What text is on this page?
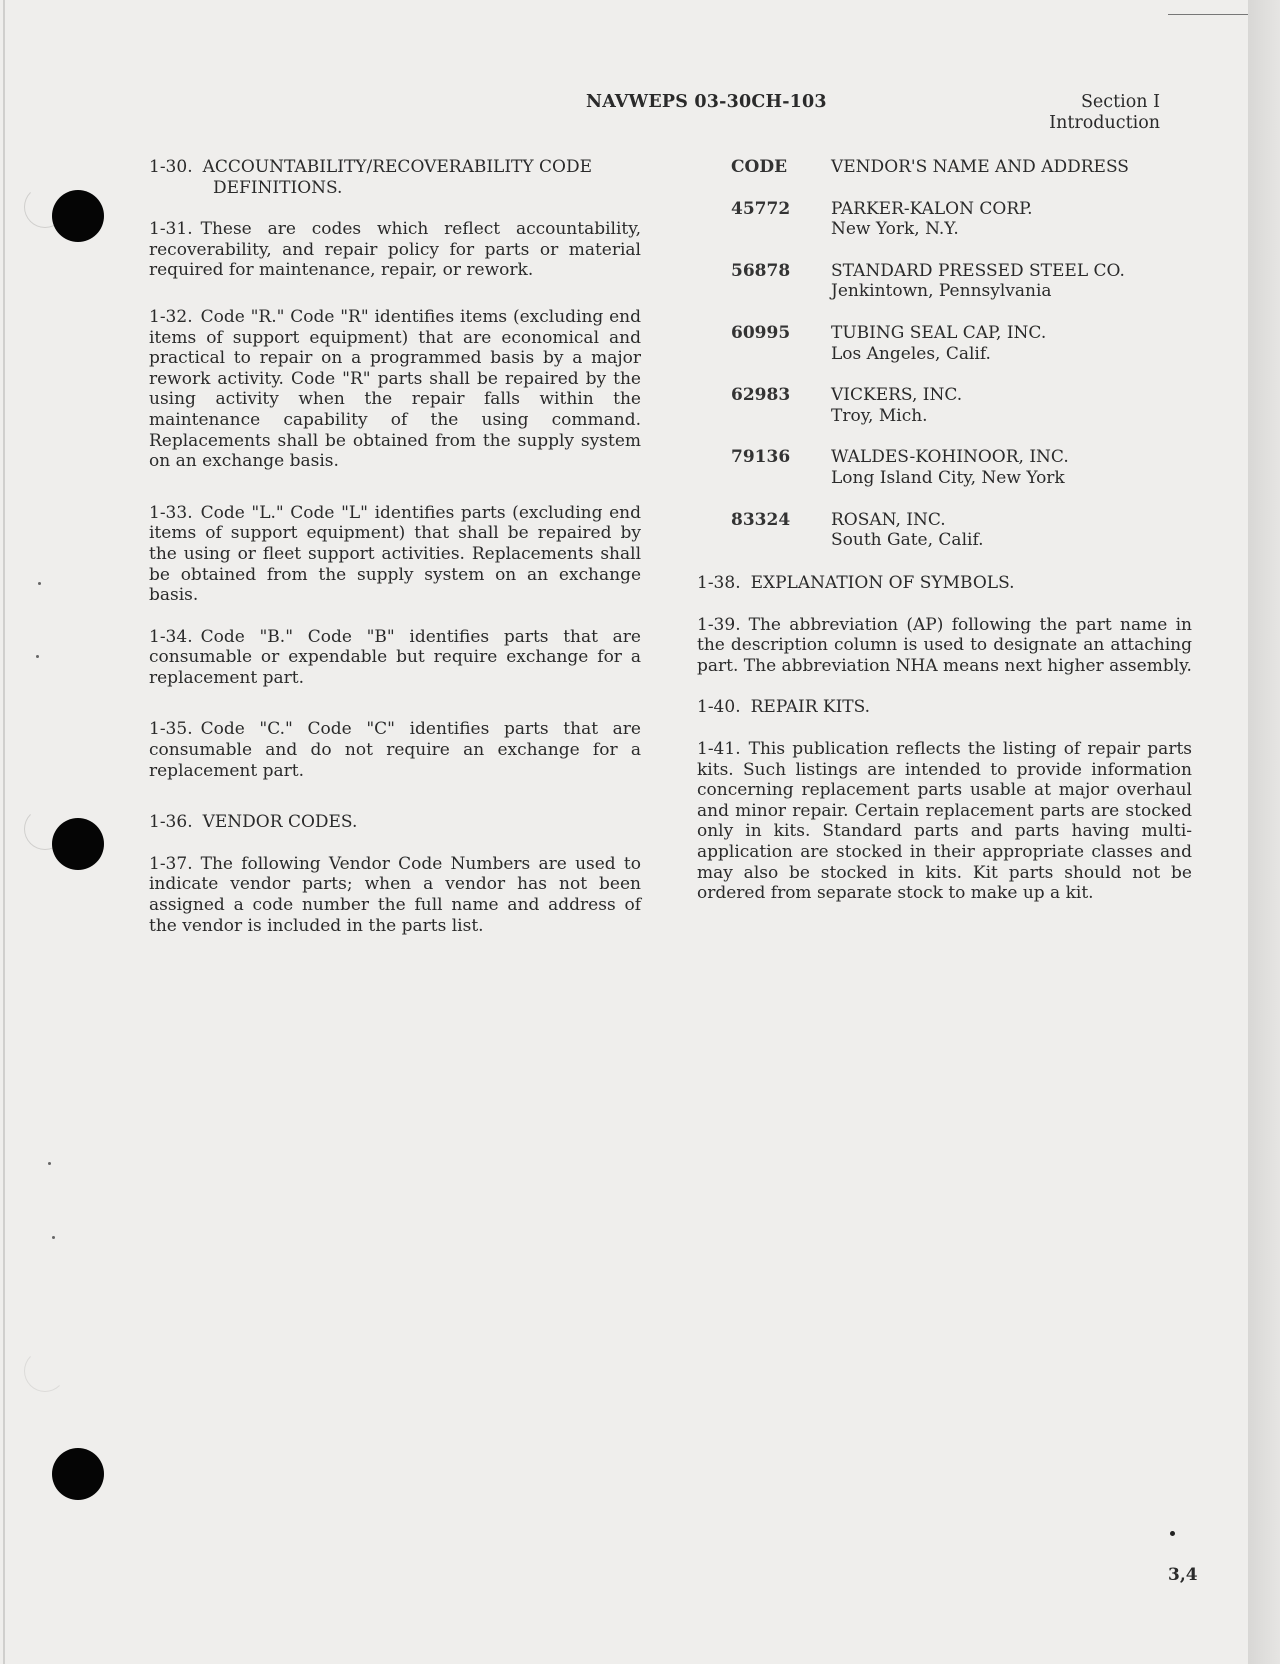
NAVWEPS 03-30CH-103	Section I
Introduction

1-30. ACCOUNTABILITY/RECOVERABILITY CODE
DEFINITIONS.

1-31. These are codes which reflect accountability, recoverability, and repair policy for parts or material required for maintenance, repair, or rework.

1-32. Code "R." Code "R" identifies items (excluding end items of support equipment) that are economical and practical to repair on a programmed basis by a major rework activity. Code "R" parts shall be repaired by the using activity when the repair falls within the maintenance capability of the using command. Replacements shall be obtained from the supply system on an exchange basis.

1-33. Code "L." Code "L" identifies parts (excluding end items of support equipment) that shall be repaired by the using or fleet support activities. Replacements shall be obtained from the supply system on an exchange basis.

1-34. Code "B." Code "B" identifies parts that are consumable or expendable but require exchange for a replacement part.

1-35. Code "C." Code "C" identifies parts that are consumable and do not require an exchange for a replacement part.

1-36. VENDOR CODES.

1-37. The following Vendor Code Numbers are used to indicate vendor parts; when a vendor has not been assigned a code number the full name and address of the vendor is included in the parts list.

CODE	VENDOR'S NAME AND ADDRESS
45772	PARKER-KALON CORP.
New York, N.Y.
56878	STANDARD PRESSED STEEL CO.
Jenkintown, Pennsylvania
60995	TUBING SEAL CAP, INC.
Los Angeles, Calif.
62983	VICKERS, INC.
Troy, Mich.
79136	WALDES-KOHINOOR, INC.
Long Island City, New York
83324	ROSAN, INC.
South Gate, Calif.

1-38. EXPLANATION OF SYMBOLS.

1-39. The abbreviation (AP) following the part name in the description column is used to designate an attaching part. The abbreviation NHA means next higher assembly.

1-40. REPAIR KITS.

1-41. This publication reflects the listing of repair parts kits. Such listings are intended to provide information concerning replacement parts usable at major overhaul and minor repair. Certain replacement parts are stocked only in kits. Standard parts and parts having multi-application are stocked in their appropriate classes and may also be stocked in kits. Kit parts should not be ordered from separate stock to make up a kit.

3,4
